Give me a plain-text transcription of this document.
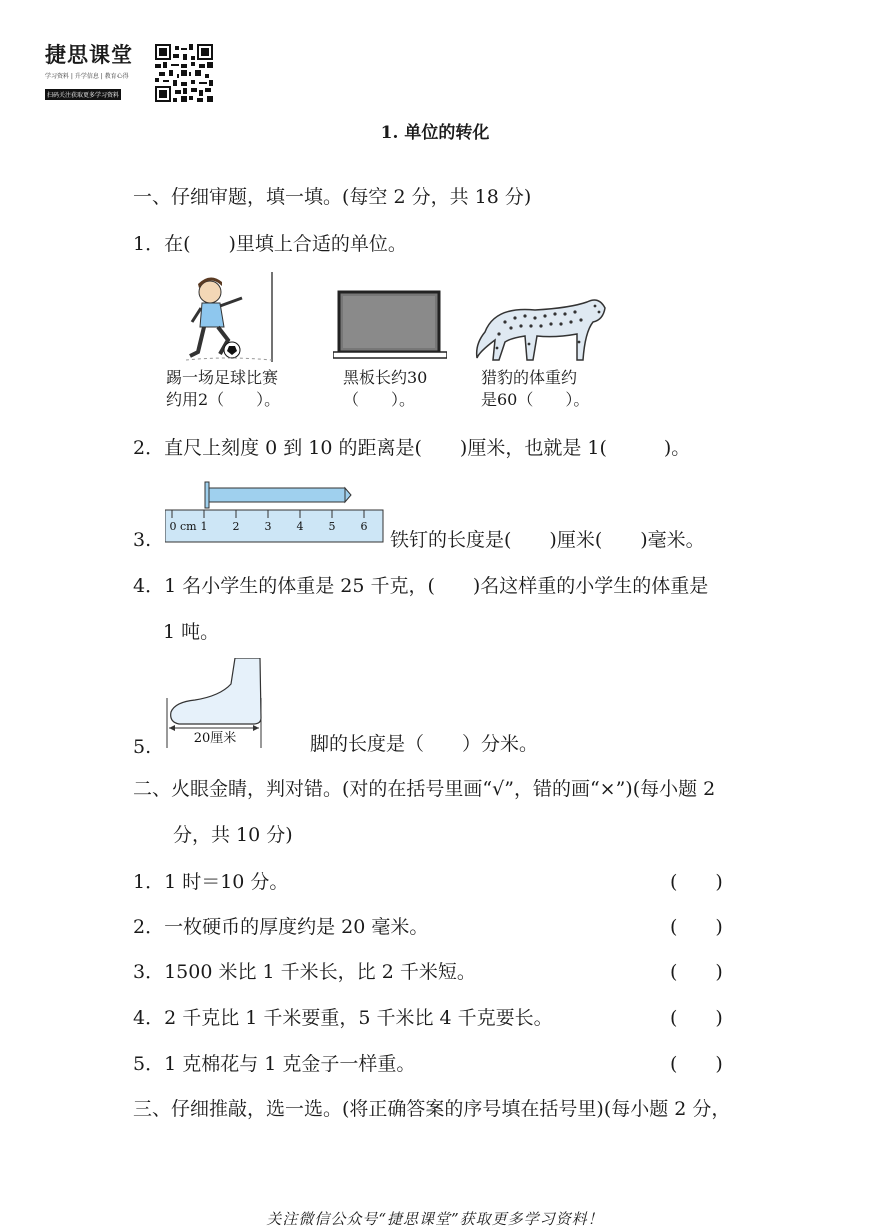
捷思课堂
学习资料 | 升学信息 | 教育心得
扫码关注获取更多学习资料
1. 单位的转化
一、仔细审题，填一填。(每空 2 分，共 18 分)
1．在(　　)里填上合适的单位。
踢一场足球比赛
约用2（　　）。
黑板长约30
（　　）。
猎豹的体重约
是60（　　）。
2．直尺上刻度 0 到 10 的距离是(　　)厘米，也就是 1(　　　)。
3.
0 cm 1 2 3 4 5 6
铁钉的长度是(　　)厘米(　　)毫米。
4．1 名小学生的体重是 25 千克，(　　)名这样重的小学生的体重是
1 吨。
5.	20厘米	脚的长度是（　　）分米。
二、火眼金睛，判对错。(对的在括号里画“√”，错的画“×”)(每小题 2
分，共 10 分)
1．1 时＝10 分。	(　　)
2．一枚硬币的厚度约是 20 毫米。	(　　)
3．1500 米比 1 千米长，比 2 千米短。	(　　)
4．2 千克比 1 千米要重，5 千米比 4 千克要长。	(　　)
5．1 克棉花与 1 克金子一样重。	(　　)
三、仔细推敲，选一选。(将正确答案的序号填在括号里)(每小题 2 分，
关注微信公众号“捷思课堂”获取更多学习资料！
